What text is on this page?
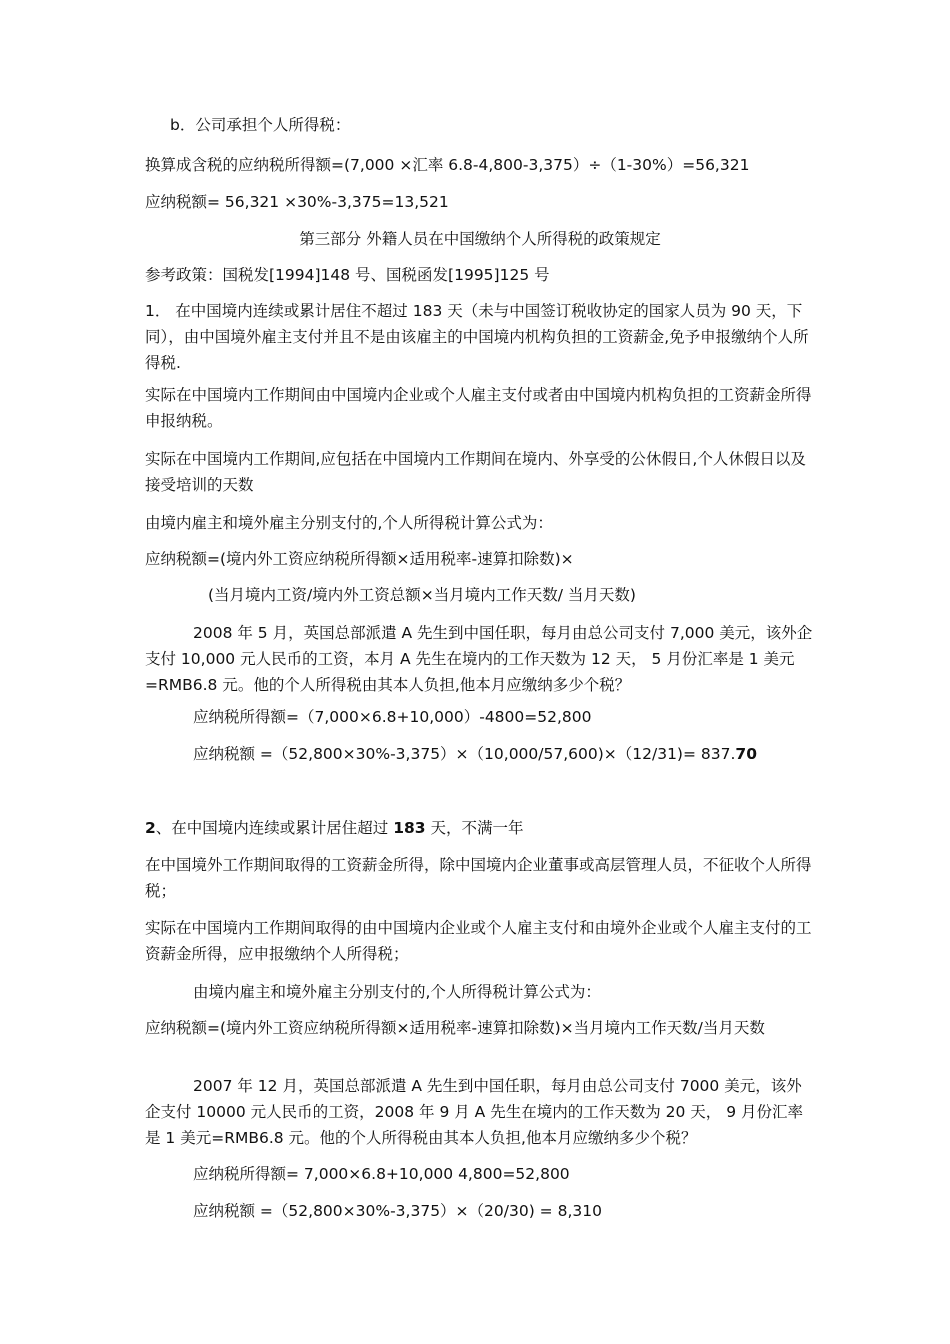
b．公司承担个人所得税：
换算成含税的应纳税所得额=(7,000 ×汇率 6.8-4,800-3,375）÷（1-30%）=56,321
应纳税额= 56,321 ×30%-3,375=13,521
第三部分 外籍人员在中国缴纳个人所得税的政策规定
参考政策：国税发[1994]148 号、国税函发[1995]125 号
1． 在中国境内连续或累计居住不超过 183 天（未与中国签订税收协定的国家人员为 90 天，下同），由中国境外雇主支付并且不是由该雇主的中国境内机构负担的工资薪金,免予申报缴纳个人所得税.
实际在中国境内工作期间由中国境内企业或个人雇主支付或者由中国境内机构负担的工资薪金所得申报纳税。
实际在中国境内工作期间,应包括在中国境内工作期间在境内、外享受的公休假日,个人休假日以及接受培训的天数
由境内雇主和境外雇主分别支付的,个人所得税计算公式为：
应纳税额=(境内外工资应纳税所得额×适用税率-速算扣除数)×
(当月境内工资/境内外工资总额×当月境内工作天数/ 当月天数)
2008 年 5 月，英国总部派遣 A 先生到中国任职，每月由总公司支付 7,000 美元，该外企支付 10,000 元人民币的工资，本月 A 先生在境内的工作天数为 12 天， 5 月份汇率是 1 美元=RMB6.8 元。他的个人所得税由其本人负担,他本月应缴纳多少个税？
应纳税所得额=（7,000×6.8+10,000）-4800=52,800
应纳税额 =（52,800×30%-3,375）×（10,000/57,600)×（12/31)= 837.70
2、在中国境内连续或累计居住超过 183 天，不满一年
在中国境外工作期间取得的工资薪金所得，除中国境内企业董事或高层管理人员，不征收个人所得税；
实际在中国境内工作期间取得的由中国境内企业或个人雇主支付和由境外企业或个人雇主支付的工资薪金所得，应申报缴纳个人所得税；
由境内雇主和境外雇主分别支付的,个人所得税计算公式为：
应纳税额=(境内外工资应纳税所得额×适用税率-速算扣除数)×当月境内工作天数/当月天数
2007 年 12 月，英国总部派遣 A 先生到中国任职，每月由总公司支付 7000 美元，该外企支付 10000 元人民币的工资，2008 年 9 月 A 先生在境内的工作天数为 20 天， 9 月份汇率是 1 美元=RMB6.8 元。他的个人所得税由其本人负担,他本月应缴纳多少个税？
应纳税所得额= 7,000×6.8+10,000 4,800=52,800
应纳税额 =（52,800×30%-3,375）×（20/30) = 8,310
